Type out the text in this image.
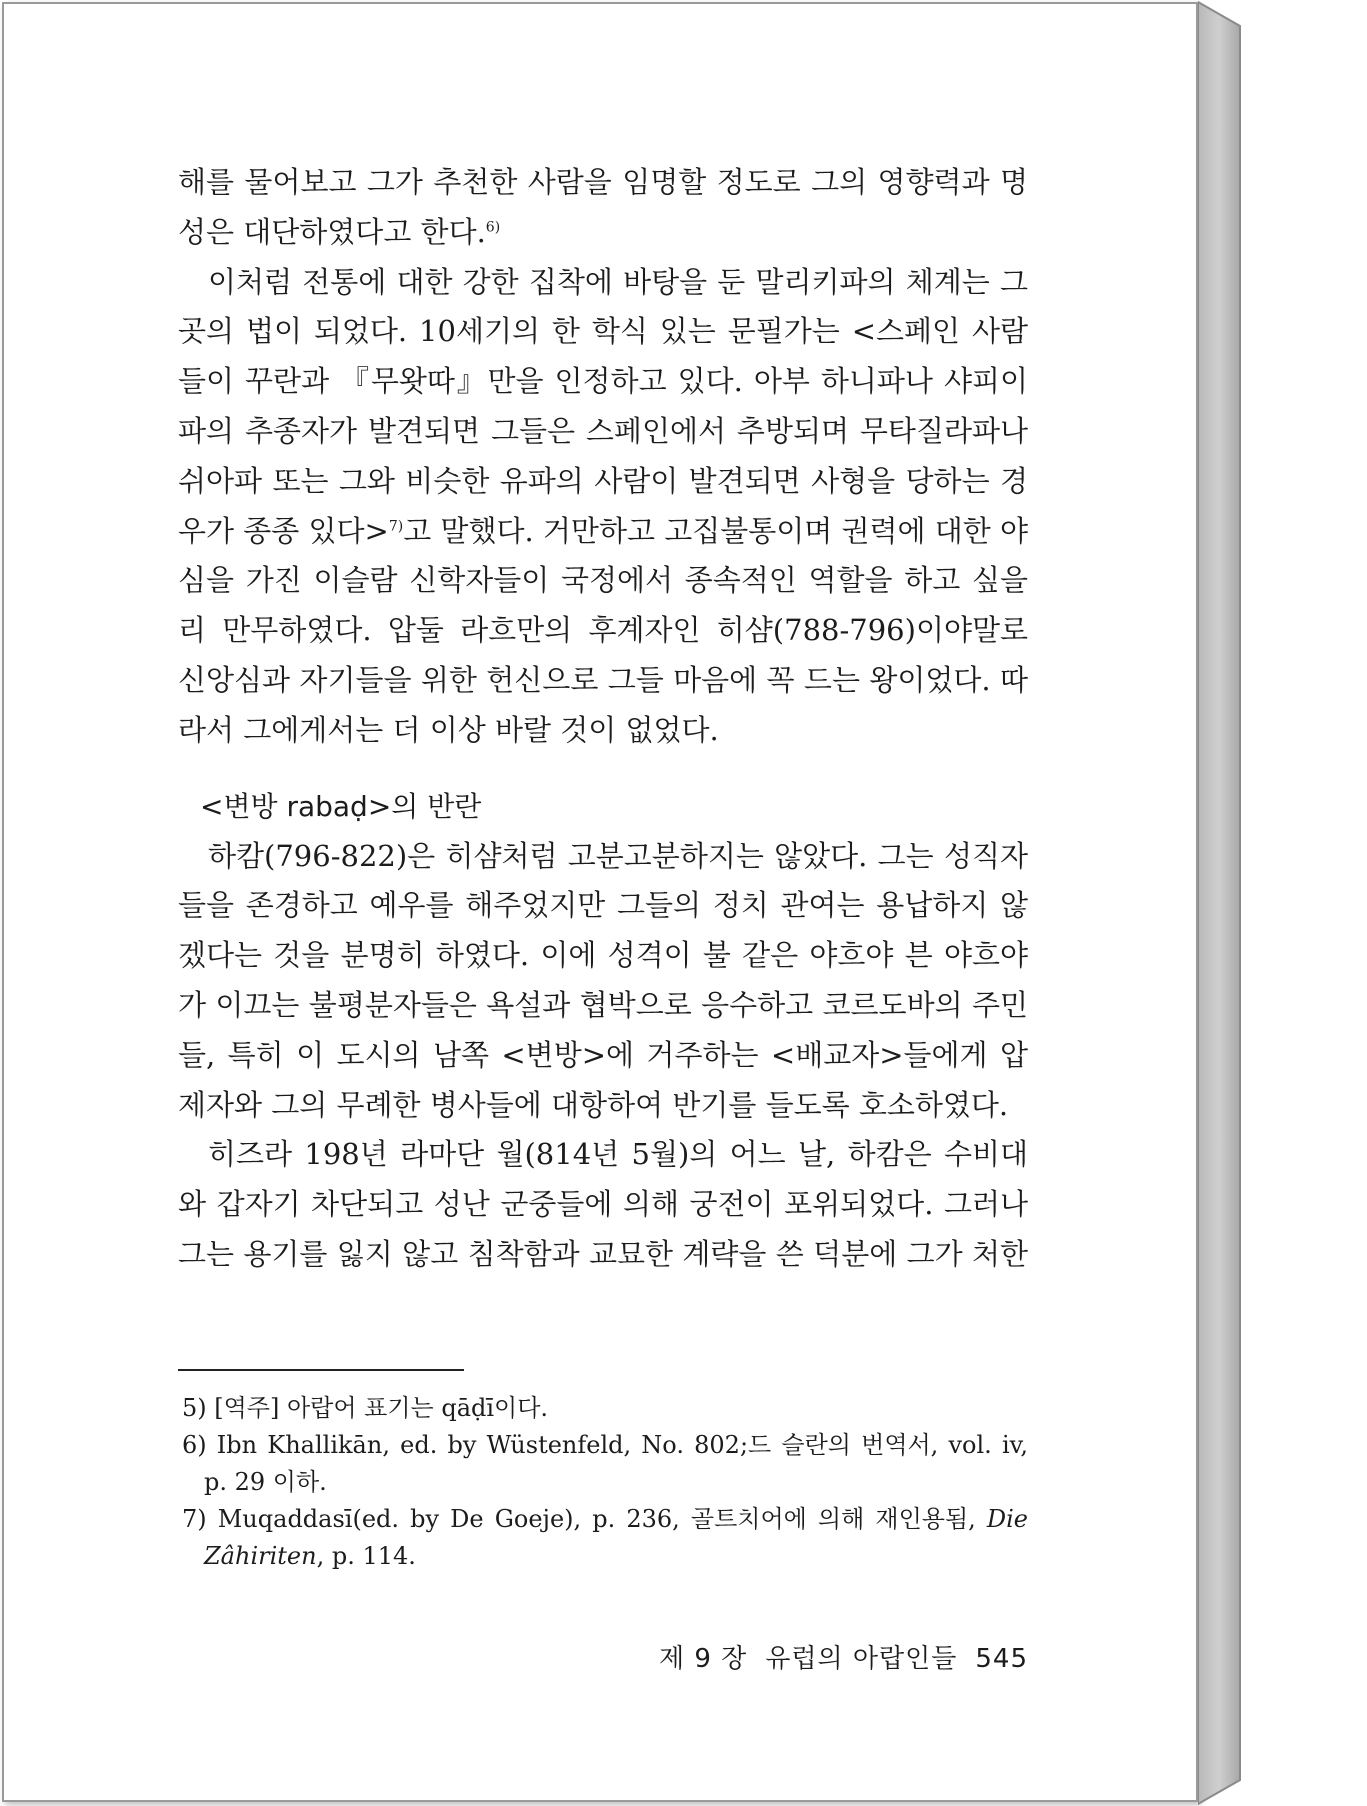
해를 물어보고 그가 추천한 사람을 임명할 정도로 그의 영향력과 명성은 대단하였다고 한다.$^{6)}$

이처럼 전통에 대한 강한 집착에 바탕을 둔 말리키파의 체계는 그곳의 법이 되었다. 10세기의 한 학식 있는 문필가는 <스페인 사람들이 꾸란과 『무왓따』만을 인정하고 있다. 아부 하니파나 샤피이파의 추종자가 발견되면 그들은 스페인에서 추방되며 무타질라파나 쉬아파 또는 그와 비슷한 유파의 사람이 발견되면 사형을 당하는 경우가 종종 있다>$^{7)}$고 말했다. 거만하고 고집불통이며 권력에 대한 야심을 가진 이슬람 신학자들이 국정에서 종속적인 역할을 하고 싶을리 만무하였다. 압둘 라흐만의 후계자인 히샴(788-796)이야말로 신앙심과 자기들을 위한 헌신으로 그들 마음에 꼭 드는 왕이었다. 따라서 그에게서는 더 이상 바랄 것이 없었다.

<변방 rabaḍ>의 반란

하캄(796-822)은 히샴처럼 고분고분하지는 않았다. 그는 성직자들을 존경하고 예우를 해주었지만 그들의 정치 관여는 용납하지 않겠다는 것을 분명히 하였다. 이에 성격이 불 같은 야흐야 븐 야흐야가 이끄는 불평분자들은 욕설과 협박으로 응수하고 코르도바의 주민들, 특히 이 도시의 남쪽 <변방>에 거주하는 <배교자>들에게 압제자와 그의 무례한 병사들에 대항하여 반기를 들도록 호소하였다.

히즈라 198년 라마단 월(814년 5월)의 어느 날, 하캄은 수비대와 갑자기 차단되고 성난 군중들에 의해 궁전이 포위되었다. 그러나 그는 용기를 잃지 않고 침착함과 교묘한 계략을 쓴 덕분에 그가 처한

5) [역주] 아랍어 표기는 qāḍī이다.

6) Ibn Khallikān, ed. by Wüstenfeld, No. 802;드 슬란의 번역서, vol. iv, p. 29 이하.

7) Muqaddasī(ed. by De Goeje), p. 236, 골트치어에 의해 재인용됨, Die Zâhiriten, p. 114.

제 9 장 유럽의 아랍인들 545
